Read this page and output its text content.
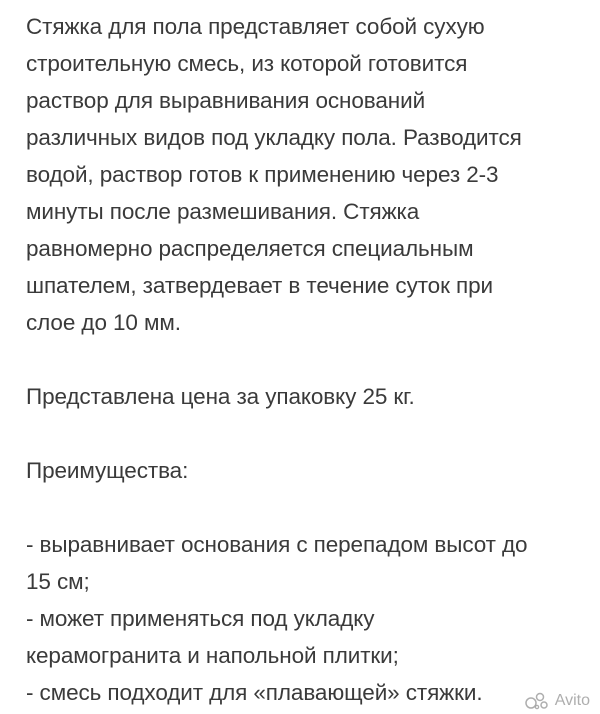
Стяжка для пола представляет собой сухую
строительную смесь, из которой готовится
раствор для выравнивания оснований
различных видов под укладку пола. Разводится
водой, раствор готов к применению через 2-3
минуты после размешивания. Стяжка
равномерно распределяется специальным
шпателем, затвердевает в течение суток при
слое до 10 мм.
Представлена цена за упаковку 25 кг.
Преимущества:
- выравнивает основания с перепадом высот до
15 см;
- может применяться под укладку
керамогранита и напольной плитки;
- смесь подходит для «плавающей» стяжки.	Avito
